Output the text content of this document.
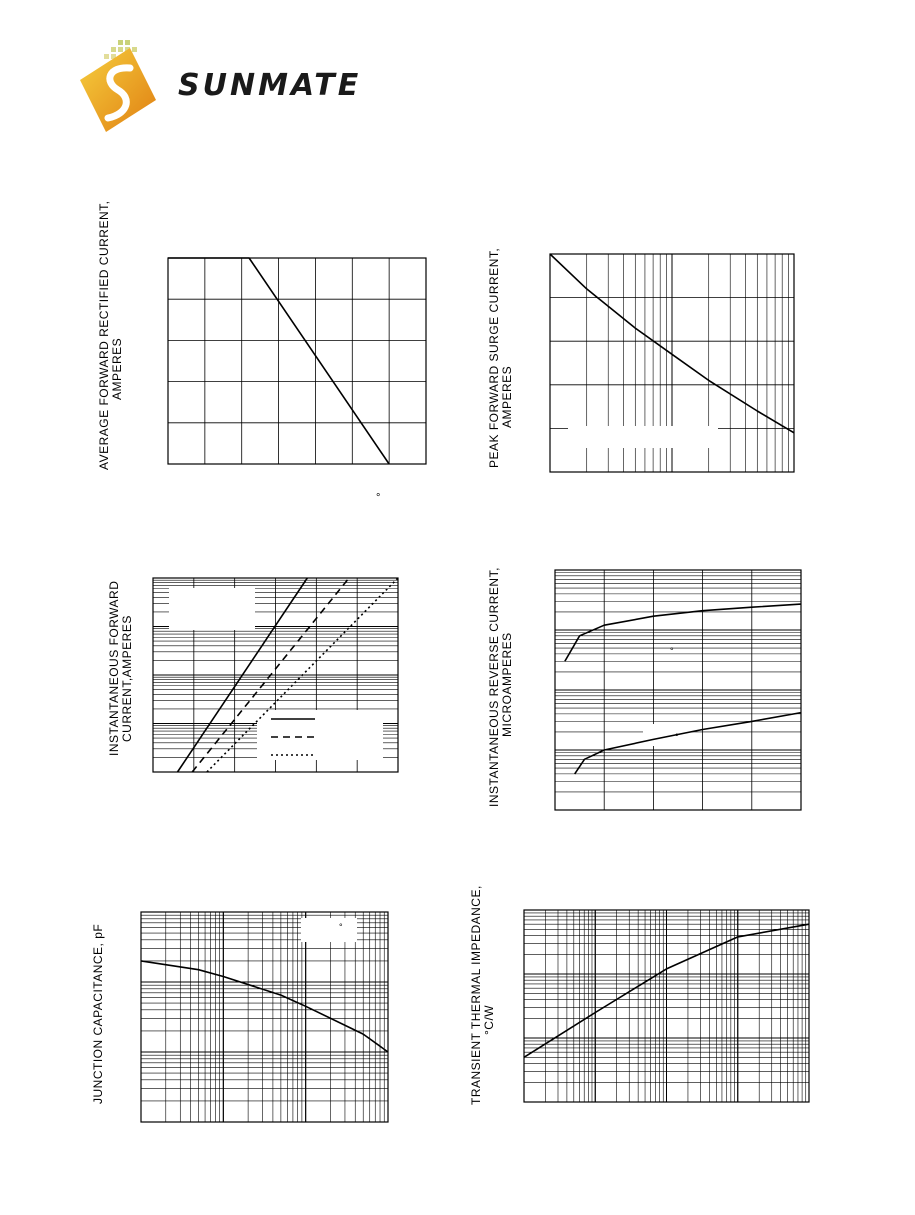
SUNMATE
AVERAGE FORWARD RECTIFIED CURRENT, AMPERES
°
PEAK FORWARD SURGE CURRENT, AMPERES
INSTANTANEOUS FORWARD CURRENT,AMPERES	INSTANTANEOUS REVERSE CURRENT, MICROAMPERES	°
°
JUNCTION CAPACITANCE, pF	°	TRANSIENT THERMAL IMPEDANCE, °C/W
